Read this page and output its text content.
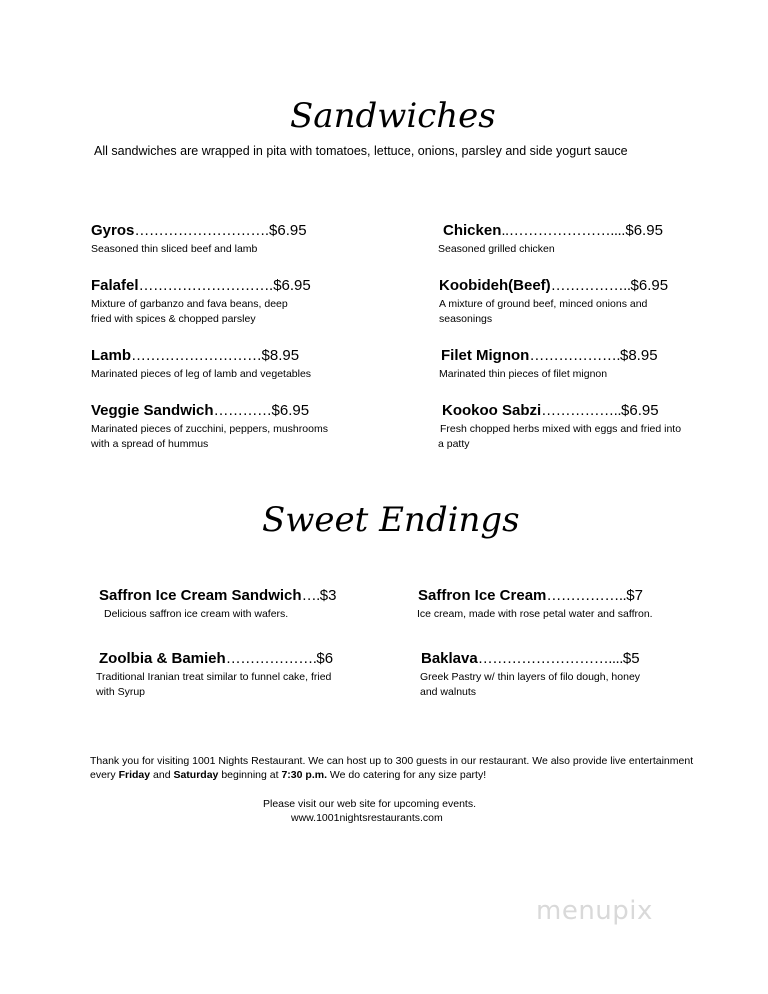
Sandwiches
All sandwiches are wrapped in pita with tomatoes, lettuce, onions, parsley and side yogurt sauce
Gyros……………………….$6.95
Seasoned thin sliced beef and lamb
Chicken..…………………....$6.95
Seasoned grilled chicken
Falafel……………………….$6.95
Mixture of garbanzo and fava beans, deep fried with spices & chopped parsley
Koobideh(Beef)……………..$6.95
A mixture of ground beef, minced onions and seasonings
Lamb………………………$8.95
Marinated pieces of leg of lamb and vegetables
Filet Mignon……………….$8.95
Marinated thin pieces of filet mignon
Veggie Sandwich…………$6.95
Marinated pieces of zucchini, peppers, mushrooms with a spread of hummus
Kookoo Sabzi……………..$6.95
Fresh chopped herbs mixed with eggs and fried into a patty
Sweet Endings
Saffron Ice Cream Sandwich….$3
Delicious saffron ice cream with wafers.
Saffron Ice Cream……………..$7
Ice cream, made with rose petal water and saffron.
Zoolbia & Bamieh……………….$6
Traditional Iranian treat similar to funnel cake, fried with Syrup
Baklava………………………....$5
Greek Pastry w/ thin layers of filo dough, honey and walnuts
Thank you for visiting 1001 Nights Restaurant. We can host up to 300 guests in our restaurant. We also provide live entertainment every Friday and Saturday beginning at 7:30 p.m. We do catering for any size party!
Please visit our web site for upcoming events.
www.1001nightsrestaurants.com
menupix
